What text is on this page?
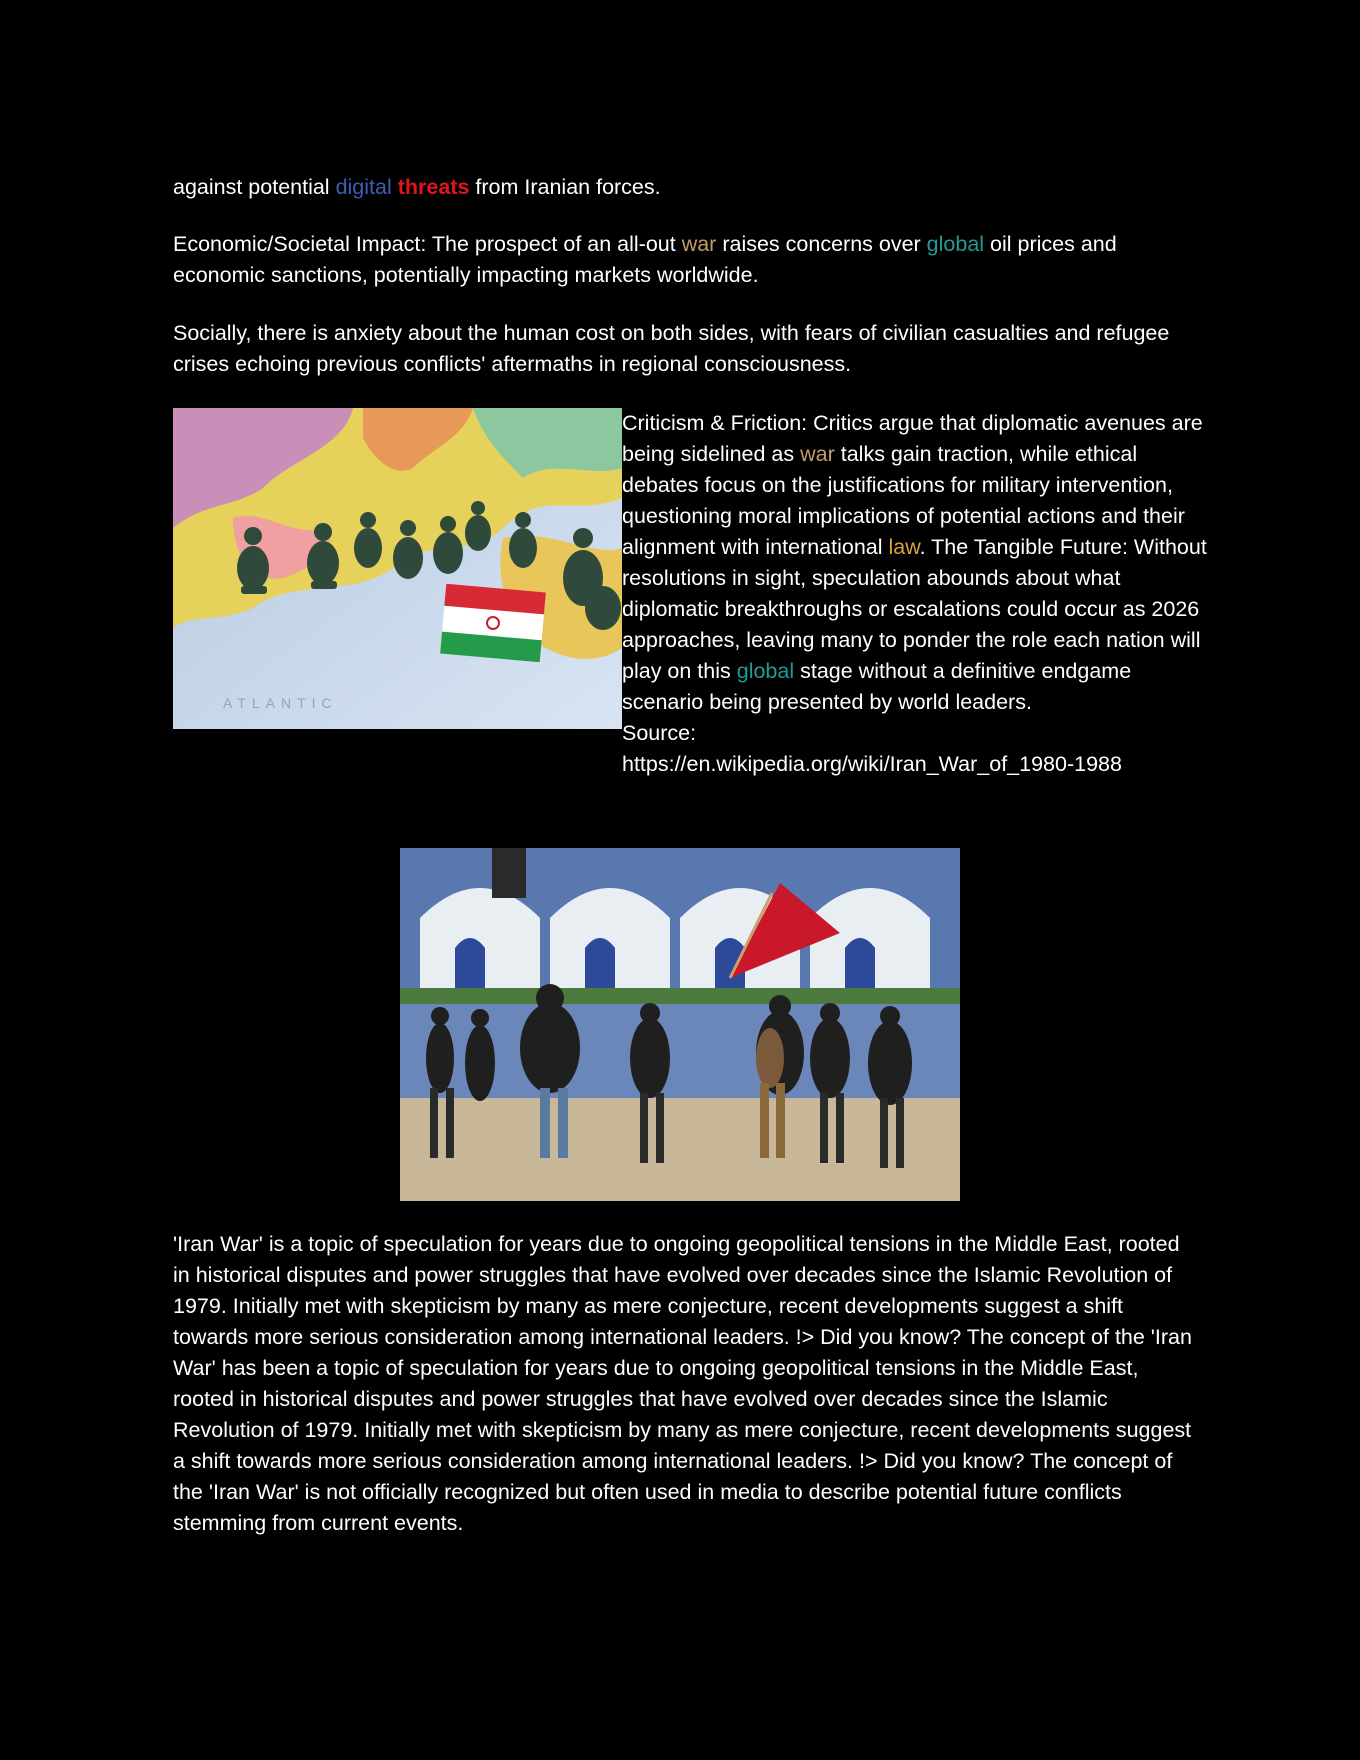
against potential digital threats from Iranian forces.

Economic/Societal Impact: The prospect of an all-out war raises concerns over global oil prices and economic sanctions, potentially impacting markets worldwide.

Socially, there is anxiety about the human cost on both sides, with fears of civilian casualties and refugee crises echoing previous conflicts' aftermaths in regional consciousness.

ATLANTIC

Criticism & Friction: Critics argue that diplomatic avenues are being sidelined as war talks gain traction, while ethical debates focus on the justifications for military intervention, questioning moral implications of potential actions and their alignment with international law. The Tangible Future: Without resolutions in sight, speculation abounds about what diplomatic breakthroughs or escalations could occur as 2026 approaches, leaving many to ponder the role each nation will play on this global stage without a definitive endgame scenario being presented by world leaders.
Source:
https://en.wikipedia.org/wiki/Iran_War_of_1980-1988

'Iran War' is a topic of speculation for years due to ongoing geopolitical tensions in the Middle East, rooted in historical disputes and power struggles that have evolved over decades since the Islamic Revolution of 1979. Initially met with skepticism by many as mere conjecture, recent developments suggest a shift towards more serious consideration among international leaders. !> Did you know? The concept of the 'Iran War' has been a topic of speculation for years due to ongoing geopolitical tensions in the Middle East, rooted in historical disputes and power struggles that have evolved over decades since the Islamic Revolution of 1979. Initially met with skepticism by many as mere conjecture, recent developments suggest a shift towards more serious consideration among international leaders. !> Did you know? The concept of the 'Iran War' is not officially recognized but often used in media to describe potential future conflicts stemming from current events.
